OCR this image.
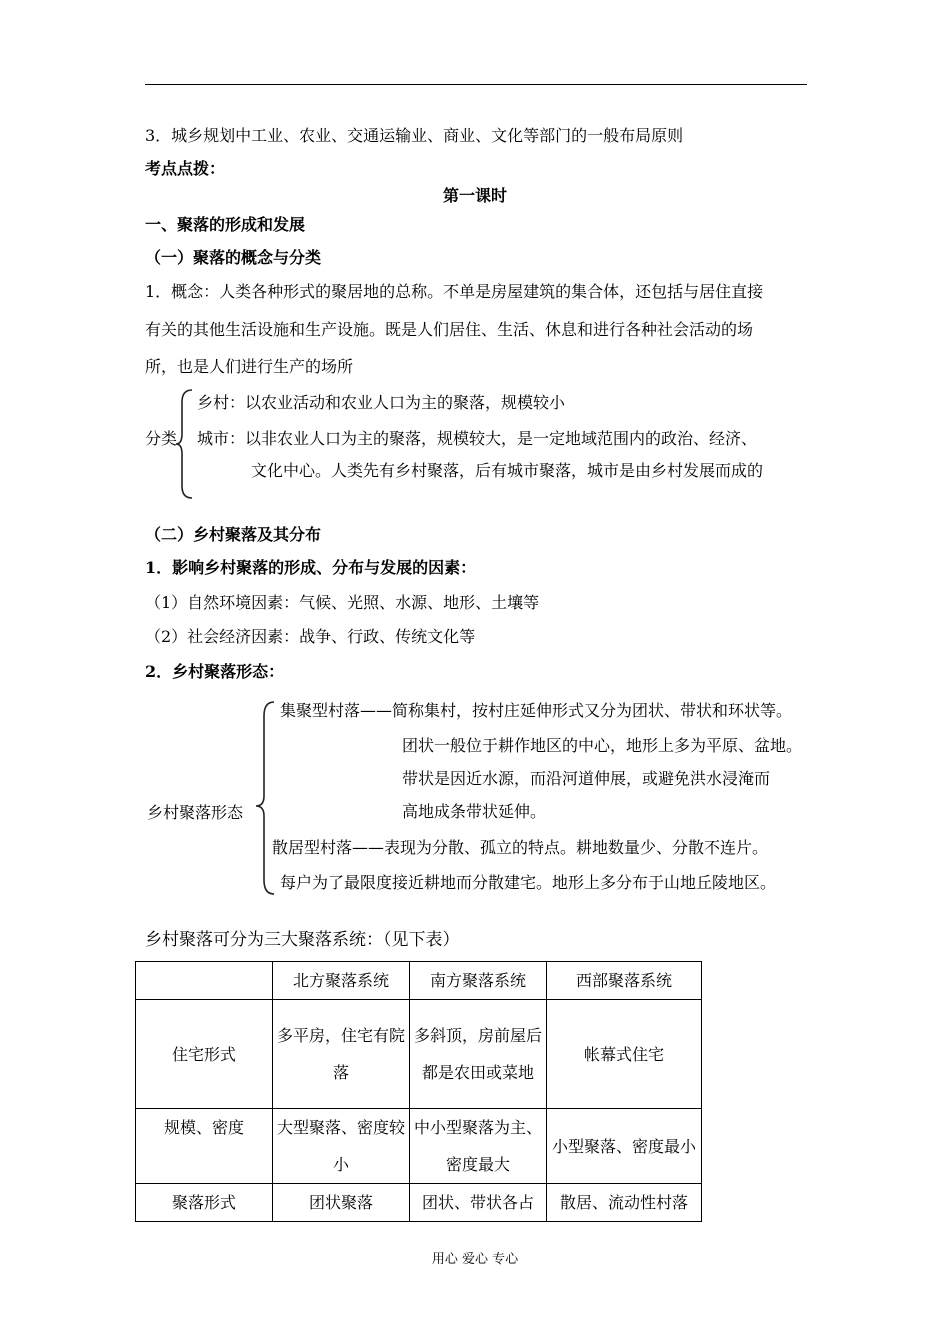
3．城乡规划中工业、农业、交通运输业、商业、文化等部门的一般布局原则
考点点拨：
第一课时
一、聚落的形成和发展
（一）聚落的概念与分类
1．概念：人类各种形式的聚居地的总称。不单是房屋建筑的集合体，还包括与居住直接
有关的其他生活设施和生产设施。既是人们居住、生活、休息和进行各种社会活动的场
所，也是人们进行生产的场所
分类
乡村：以农业活动和农业人口为主的聚落，规模较小
城市：以非农业人口为主的聚落，规模较大，是一定地域范围内的政治、经济、
文化中心。人类先有乡村聚落，后有城市聚落，城市是由乡村发展而成的
（二）乡村聚落及其分布
1．影响乡村聚落的形成、分布与发展的因素：
（1）自然环境因素：气候、光照、水源、地形、土壤等
（2）社会经济因素：战争、行政、传统文化等
2．乡村聚落形态：
乡村聚落形态
集聚型村落——简称集村，按村庄延伸形式又分为团状、带状和环状等。
团状一般位于耕作地区的中心，地形上多为平原、盆地。
带状是因近水源，而沿河道伸展，或避免洪水浸淹而
高地成条带状延伸。
散居型村落——表现为分散、孤立的特点。耕地数量少、分散不连片。
每户为了最限度接近耕地而分散建宅。地形上多分布于山地丘陵地区。
乡村聚落可分为三大聚落系统：（见下表）
	北方聚落系统	南方聚落系统	西部聚落系统
住宅形式	多平房，住宅有院落	多斜顶，房前屋后都是农田或菜地	帐幕式住宅
规模、密度	大型聚落、密度较小	中小型聚落为主、密度最大	小型聚落、密度最小
聚落形式	团状聚落	团状、带状各占	散居、流动性村落
用心 爱心 专心
